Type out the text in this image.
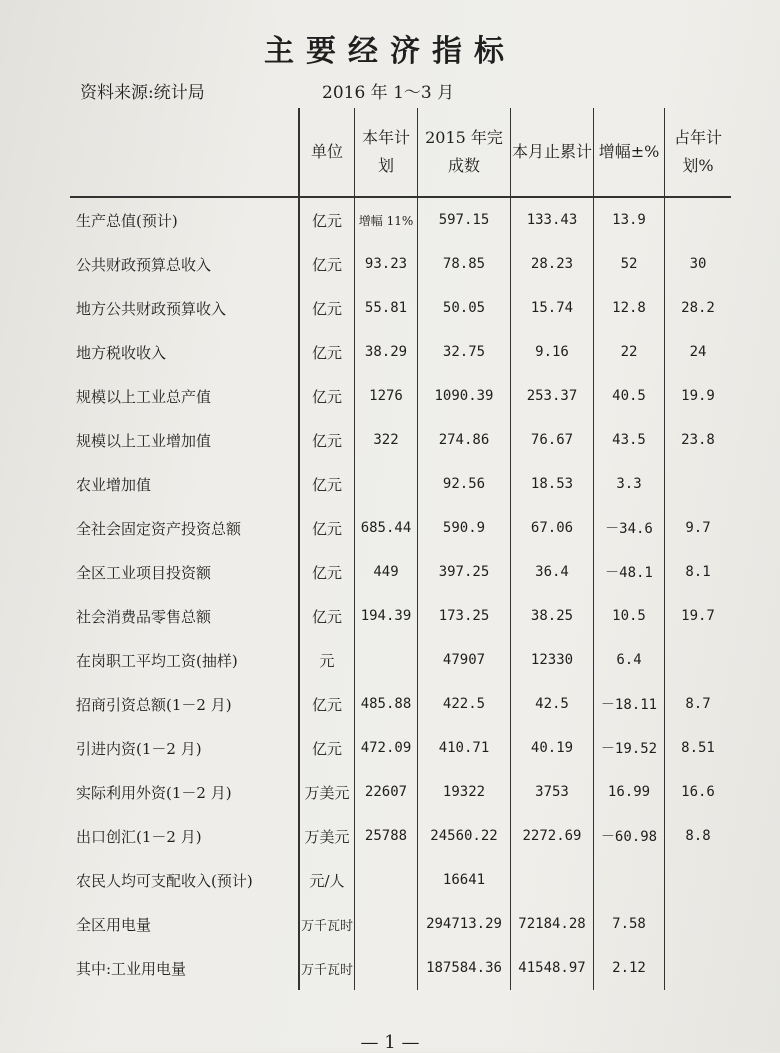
主要经济指标
资料来源:统计局	2016 年 1～3 月
	单位	本年计划	2015 年完成数	本月止累计	增幅±%	占年计划%
生产总值(预计)	亿元	增幅 11%	597.15	133.43	13.9	
公共财政预算总收入	亿元	93.23	78.85	28.23	52	30
地方公共财政预算收入	亿元	55.81	50.05	15.74	12.8	28.2
地方税收收入	亿元	38.29	32.75	9.16	22	24
规模以上工业总产值	亿元	1276	1090.39	253.37	40.5	19.9
规模以上工业增加值	亿元	322	274.86	76.67	43.5	23.8
农业增加值	亿元		92.56	18.53	3.3	
全社会固定资产投资总额	亿元	685.44	590.9	67.06	－34.6	9.7
全区工业项目投资额	亿元	449	397.25	36.4	－48.1	8.1
社会消费品零售总额	亿元	194.39	173.25	38.25	10.5	19.7
在岗职工平均工资(抽样)	元		47907	12330	6.4	
招商引资总额(1－2 月)	亿元	485.88	422.5	42.5	－18.11	8.7
引进内资(1－2 月)	亿元	472.09	410.71	40.19	－19.52	8.51
实际利用外资(1－2 月)	万美元	22607	19322	3753	16.99	16.6
出口创汇(1－2 月)	万美元	25788	24560.22	2272.69	－60.98	8.8
农民人均可支配收入(预计)	元/人		16641			
全区用电量	万千瓦时		294713.29	72184.28	7.58	
其中:工业用电量	万千瓦时		187584.36	41548.97	2.12	
— 1 —
